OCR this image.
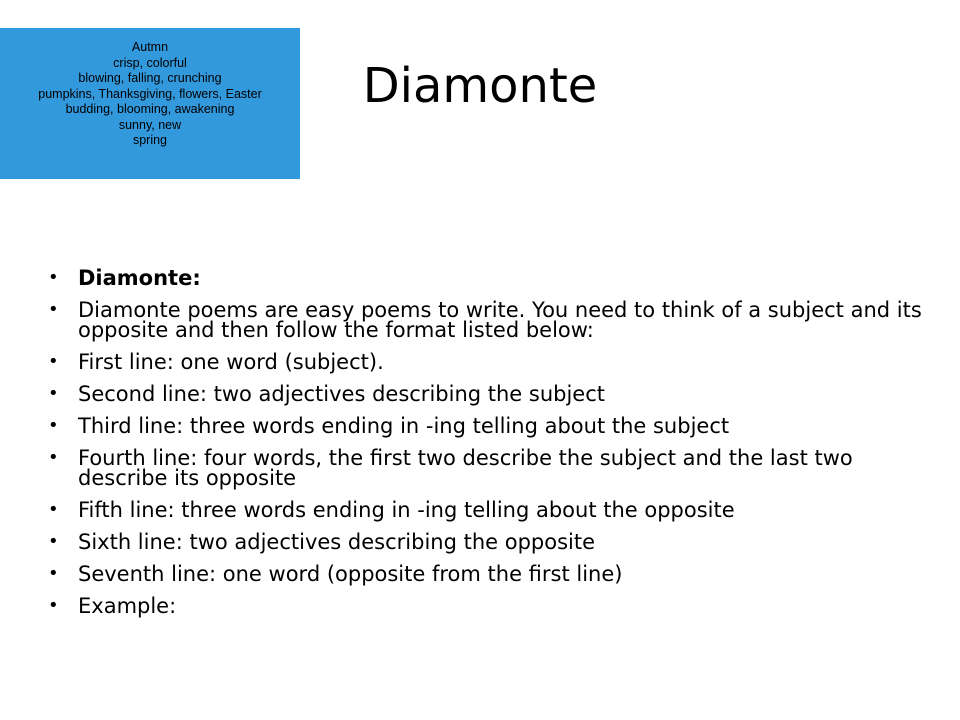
Autmn
crisp, colorful
blowing, falling, crunching
pumpkins, Thanksgiving, flowers, Easter
budding, blooming, awakening
sunny, new
spring
Diamonte
• Diamonte:
• Diamonte poems are easy poems to write. You need to think of a subject and its opposite and then follow the format listed below:
• First line: one word (subject).
• Second line: two adjectives describing the subject
• Third line: three words ending in -ing telling about the subject
• Fourth line: four words, the first two describe the subject and the last two describe its opposite
• Fifth line: three words ending in -ing telling about the opposite
• Sixth line: two adjectives describing the opposite
• Seventh line: one word (opposite from the first line)
• Example:
